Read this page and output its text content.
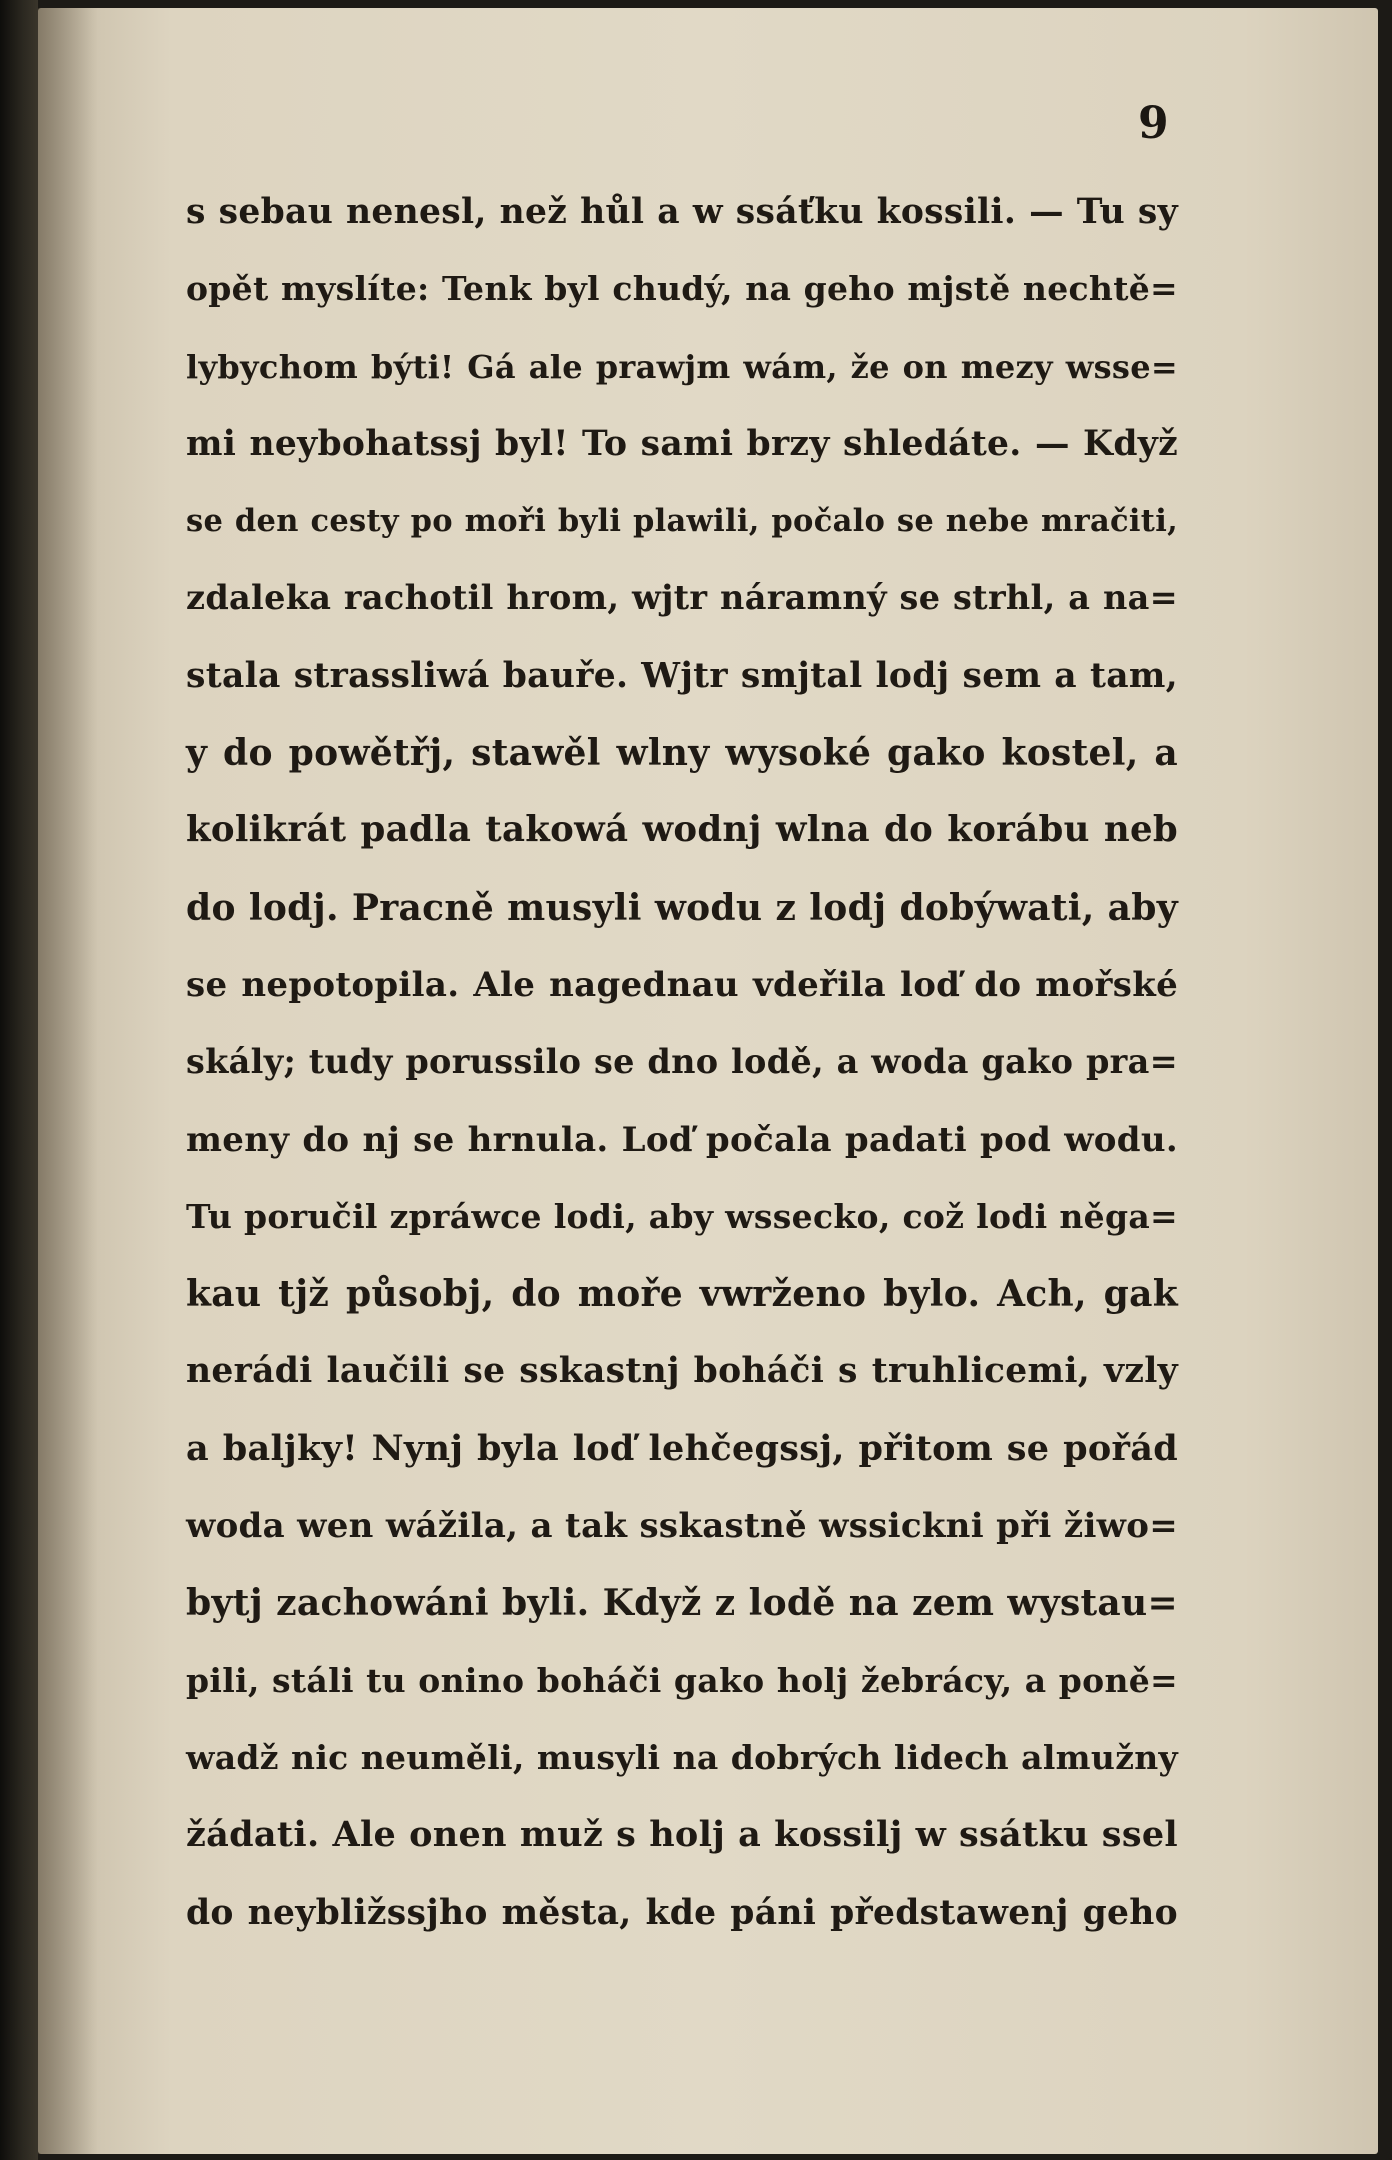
9
s sebau nenesl, než hůl a w ssáťku kossili. — Tu sy
opět myslíte: Tenk byl chudý, na geho mjstě nechtě=
lybychom býti! Gá ale prawjm wám, že on mezy wsse=
mi neybohatssj byl! To sami brzy shledáte. — Když
se den cesty po moři byli plawili, počalo se nebe mračiti,
zdaleka rachotil hrom, wjtr náramný se strhl, a na=
stala strassliwá bauře. Wjtr smjtal lodj sem a tam,
y do powětřj, stawěl wlny wysoké gako kostel, a
kolikrát padla takowá wodnj wlna do korábu neb
do lodj. Pracně musyli wodu z lodj dobýwati, aby
se nepotopila. Ale nagednau vdeřila loď do mořské
skály; tudy porussilo se dno lodě, a woda gako pra=
meny do nj se hrnula. Loď počala padati pod wodu.
Tu poručil zpráwce lodi, aby wssecko, což lodi něga=
kau tjž působj, do moře vwrženo bylo. Ach, gak
nerádi laučili se sskastnj boháči s truhlicemi, vzly
a baljky! Nynj byla loď lehčegssj, přitom se pořád
woda wen wážila, a tak sskastně wssickni při žiwo=
bytj zachowáni byli. Když z lodě na zem wystau=
pili, stáli tu onino boháči gako holj žebrácy, a poně=
wadž nic neuměli, musyli na dobrých lidech almužny
žádati. Ale onen muž s holj a kossilj w ssátku ssel
do neybližssjho města, kde páni předstawenj geho
